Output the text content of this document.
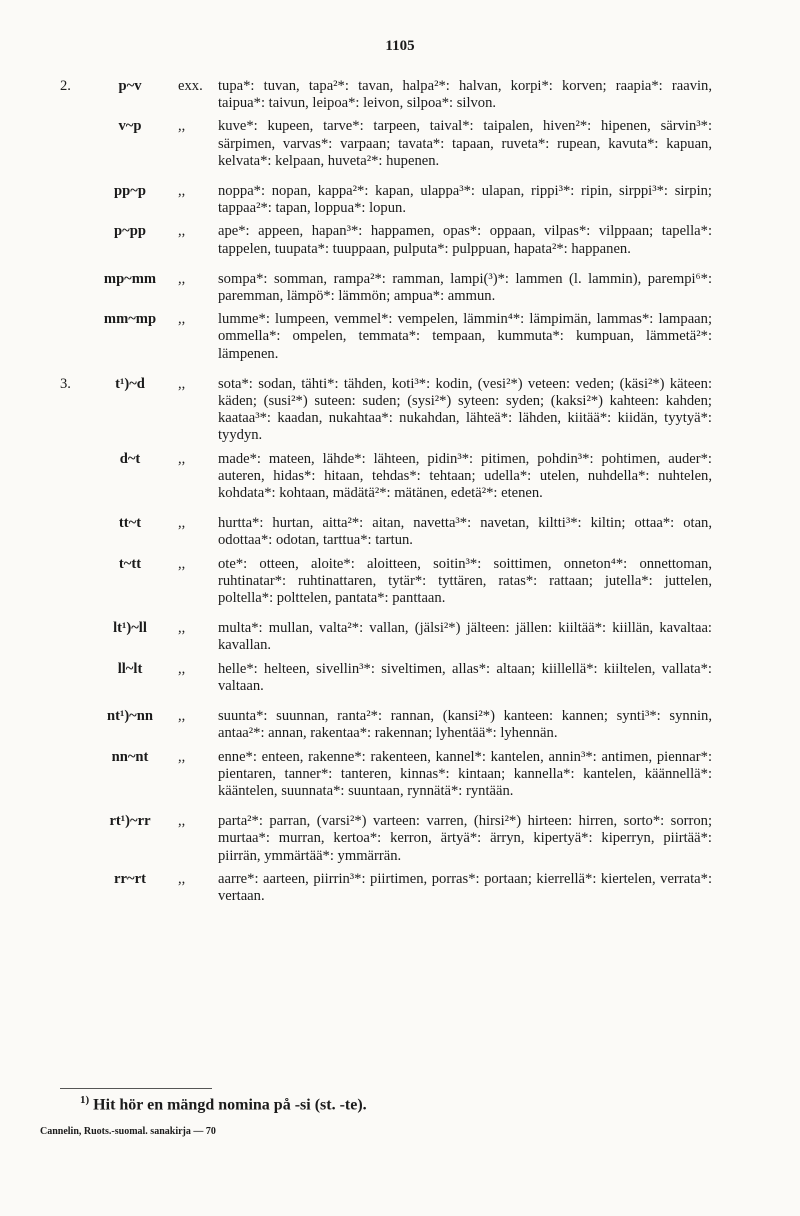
1105
2.	p~v	exx.	tupa*: tuvan, tapa²*: tavan, halpa²*: halvan, korpi*: korven; raapia*: raavin, taipua*: taivun, leipoa*: leivon, silpoa*: silvon.
v~p	,,	kuve*: kupeen, tarve*: tarpeen, taival*: taipalen, hiven²*: hipenen, särvin³*: särpimen, varvas*: varpaan; tavata*: tapaan, ruveta*: rupean, kavuta*: kapuan, kelvata*: kelpaan, huveta²*: hupenen.
pp~p	,,	noppa*: nopan, kappa²*: kapan, ulappa³*: ulapan, rippi³*: ripin, sirppi³*: sirpin; tappaa²*: tapan, loppua*: lopun.
p~pp	,,	ape*: appeen, hapan³*: happamen, opas*: oppaan, vilpas*: vilppaan; tapella*: tappelen, tuupata*: tuuppaan, pulputa*: pulppuan, hapata²*: happanen.
mp~mm	,,	sompa*: somman, rampa²*: ramman, lampi(³)*: lammen (l. lammin), parempi⁶*: paremman, lämpö*: lämmön; ampua*: ammun.
mm~mp	,,	lumme*: lumpeen, vemmel*: vempelen, lämmin⁴*: lämpimän, lammas*: lampaan; ommella*: ompelen, temmata*: tempaan, kummuta*: kumpuan, lämmetä²*: lämpenen.
3.	t¹)~d	,,	sota*: sodan, tähti*: tähden, koti³*: kodin, (vesi²*) veteen: veden; (käsi²*) käteen: käden; (susi²*) suteen: suden; (sysi²*) syteen: syden; (kaksi²*) kahteen: kahden; kaataa³*: kaadan, nukahtaa*: nukahdan, lähteä*: lähden, kiitää*: kiidän, tyytyä*: tyydyn.
d~t	,,	made*: mateen, lähde*: lähteen, pidin³*: pitimen, pohdin³*: pohtimen, auder*: auteren, hidas*: hitaan, tehdas*: tehtaan; udella*: utelen, nuhdella*: nuhtelen, kohdata*: kohtaan, mädätä²*: mätänen, edetä²*: etenen.
tt~t	,,	hurtta*: hurtan, aitta²*: aitan, navetta³*: navetan, kiltti³*: kiltin; ottaa*: otan, odottaa*: odotan, tarttua*: tartun.
t~tt	,,	ote*: otteen, aloite*: aloitteen, soitin³*: soittimen, onneton⁴*: onnettoman, ruhtinatar*: ruhtinattaren, tytär*: tyttären, ratas*: rattaan; jutella*: juttelen, poltella*: polttelen, pantata*: panttaan.
lt¹)~ll	,,	multa*: mullan, valta²*: vallan, (jälsi²*) jälteen: jällen: kiiltää*: kiillän, kavaltaa: kavallan.
ll~lt	,,	helle*: helteen, sivellin³*: siveltimen, allas*: altaan; kiillellä*: kiiltelen, vallata*: valtaan.
nt¹)~nn	,,	suunta*: suunnan, ranta²*: rannan, (kansi²*) kanteen: kannen; synti³*: synnin, antaa²*: annan, rakentaa*: rakennan; lyhentää*: lyhennän.
nn~nt	,,	enne*: enteen, rakenne*: rakenteen, kannel*: kantelen, annin³*: antimen, piennar*: pientaren, tanner*: tanteren, kinnas*: kintaan; kannella*: kantelen, käännellä*: kääntelen, suunnata*: suuntaan, rynnätä*: ryntään.
rt¹)~rr	,,	parta²*: parran, (varsi²*) varteen: varren, (hirsi²*) hirteen: hirren, sorto*: sorron; murtaa*: murran, kertoa*: kerron, ärtyä*: ärryn, kipertyä*: kiperryn, piirtää*: piirrän, ymmärtää*: ymmärrän.
rr~rt	,,	aarre*: aarteen, piirrin³*: piirtimen, porras*: portaan; kierrellä*: kiertelen, verrata*: vertaan.
$^{1)}$ Hit hör en mängd nomina på -si (st. -te).
Cannelin, Ruots.-suomal. sanakirja — 70
